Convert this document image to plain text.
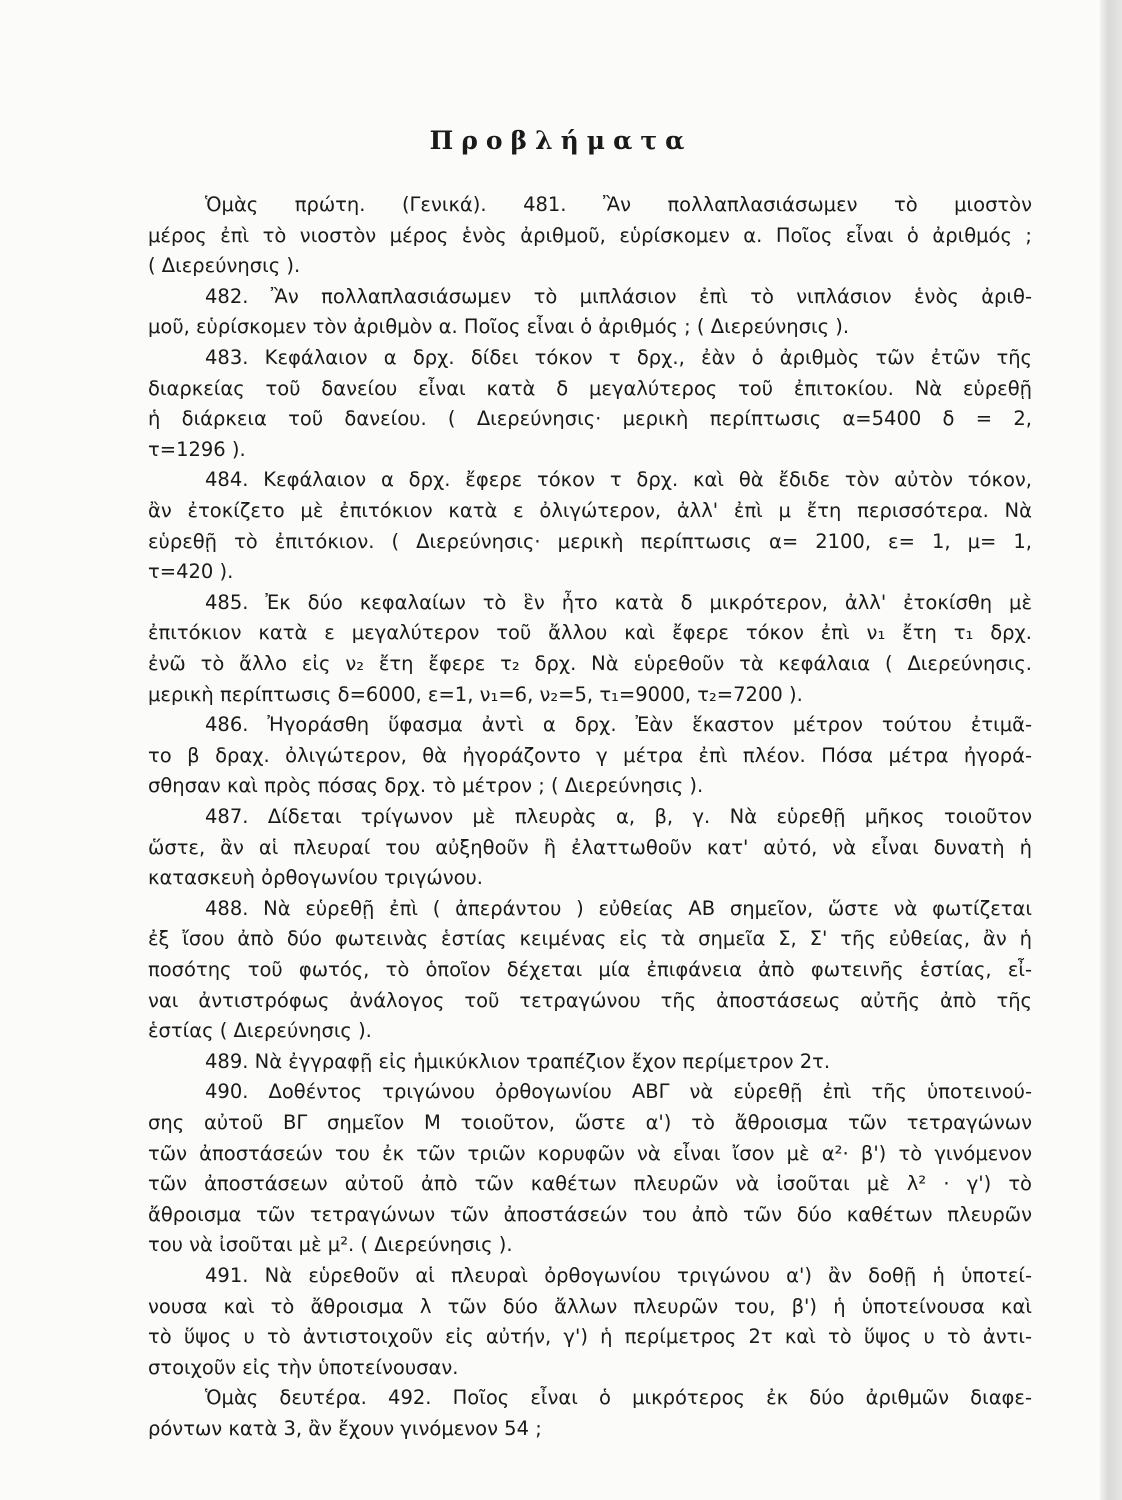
Προβλήματα
Ὁμὰς πρώτη. (Γενικά). 481. Ἂν πολλαπλασιάσωμεν τὸ μιοστὸν
μέρος ἐπὶ τὸ νιοστὸν μέρος ἑνὸς ἀριθμοῦ, εὑρίσκομεν α. Ποῖος εἶναι ὁ ἀριθμός ;
( Διερεύνησις ).
482. Ἂν πολλαπλασιάσωμεν τὸ μιπλάσιον ἐπὶ τὸ νιπλάσιον ἑνὸς ἀριθ-
μοῦ, εὑρίσκομεν τὸν ἀριθμὸν α. Ποῖος εἶναι ὁ ἀριθμός ; ( Διερεύνησις ).
483. Κεφάλαιον α δρχ. δίδει τόκον τ δρχ., ἐὰν ὁ ἀριθμὸς τῶν ἐτῶν τῆς
διαρκείας τοῦ δανείου εἶναι κατὰ δ μεγαλύτερος τοῦ ἐπιτοκίου. Νὰ εὑρεθῇ
ἡ διάρκεια τοῦ δανείου. ( Διερεύνησις· μερικὴ περίπτωσις α=5400 δ = 2,
τ=1296 ).
484. Κεφάλαιον α δρχ. ἔφερε τόκον τ δρχ. καὶ θὰ ἔδιδε τὸν αὐτὸν τόκον,
ἂν ἐτοκίζετο μὲ ἐπιτόκιον κατὰ ε ὀλιγώτερον, ἀλλ' ἐπὶ μ ἔτη περισσότερα. Νὰ
εὑρεθῇ τὸ ἐπιτόκιον. ( Διερεύνησις· μερικὴ περίπτωσις α= 2100, ε= 1, μ= 1,
τ=420 ).
485. Ἐκ δύο κεφαλαίων τὸ ἓν ἦτο κατὰ δ μικρότερον, ἀλλ' ἐτοκίσθη μὲ
ἐπιτόκιον κατὰ ε μεγαλύτερον τοῦ ἄλλου καὶ ἔφερε τόκον ἐπὶ ν₁ ἔτη τ₁ δρχ.
ἐνῶ τὸ ἄλλο εἰς ν₂ ἔτη ἔφερε τ₂ δρχ. Νὰ εὑρεθοῦν τὰ κεφάλαια ( Διερεύνησις.
μερικὴ περίπτωσις δ=6000, ε=1, ν₁=6, ν₂=5, τ₁=9000, τ₂=7200 ).
486. Ἠγοράσθη ὕφασμα ἀντὶ α δρχ. Ἐὰν ἕκαστον μέτρον τούτου ἐτιμᾶ-
το β δραχ. ὀλιγώτερον, θὰ ἠγοράζοντο γ μέτρα ἐπὶ πλέον. Πόσα μέτρα ἠγορά-
σθησαν καὶ πρὸς πόσας δρχ. τὸ μέτρον ; ( Διερεύνησις ).
487. Δίδεται τρίγωνον μὲ πλευρὰς α, β, γ. Νὰ εὑρεθῇ μῆκος τοιοῦτον
ὥστε, ἂν αἱ πλευραί του αὐξηθοῦν ἢ ἐλαττωθοῦν κατ' αὐτό, νὰ εἶναι δυνατὴ ἡ
κατασκευὴ ὀρθογωνίου τριγώνου.
488. Νὰ εὑρεθῇ ἐπὶ ( ἀπεράντου ) εὐθείας ΑΒ σημεῖον, ὥστε νὰ φωτίζεται
ἐξ ἴσου ἀπὸ δύο φωτεινὰς ἑστίας κειμένας εἰς τὰ σημεῖα Σ, Σ' τῆς εὐθείας, ἂν ἡ
ποσότης τοῦ φωτός, τὸ ὁποῖον δέχεται μία ἐπιφάνεια ἀπὸ φωτεινῆς ἑστίας, εἶ-
ναι ἀντιστρόφως ἀνάλογος τοῦ τετραγώνου τῆς ἀποστάσεως αὐτῆς ἀπὸ τῆς
ἑστίας ( Διερεύνησις ).
489. Νὰ ἐγγραφῇ εἰς ἡμικύκλιον τραπέζιον ἔχον περίμετρον 2τ.
490. Δοθέντος τριγώνου ὀρθογωνίου ΑΒΓ νὰ εὑρεθῇ ἐπὶ τῆς ὑποτεινού-
σης αὐτοῦ ΒΓ σημεῖον Μ τοιοῦτον, ὥστε α') τὸ ἄθροισμα τῶν τετραγώνων
τῶν ἀποστάσεών του ἐκ τῶν τριῶν κορυφῶν νὰ εἶναι ἴσον μὲ α²· β') τὸ γινόμενον
τῶν ἀποστάσεων αὐτοῦ ἀπὸ τῶν καθέτων πλευρῶν νὰ ἰσοῦται μὲ λ² · γ') τὸ
ἄθροισμα τῶν τετραγώνων τῶν ἀποστάσεών του ἀπὸ τῶν δύο καθέτων πλευρῶν
του νὰ ἰσοῦται μὲ μ². ( Διερεύνησις ).
491. Νὰ εὑρεθοῦν αἱ πλευραὶ ὀρθογωνίου τριγώνου α') ἂν δοθῇ ἡ ὑποτεί-
νουσα καὶ τὸ ἄθροισμα λ τῶν δύο ἄλλων πλευρῶν του, β') ἡ ὑποτείνουσα καὶ
τὸ ὕψος υ τὸ ἀντιστοιχοῦν εἰς αὐτήν, γ') ἡ περίμετρος 2τ καὶ τὸ ὕψος υ τὸ ἀντι-
στοιχοῦν εἰς τὴν ὑποτείνουσαν.
Ὁμὰς δευτέρα. 492. Ποῖος εἶναι ὁ μικρότερος ἐκ δύο ἀριθμῶν διαφε-
ρόντων κατὰ 3, ἂν ἔχουν γινόμενον 54 ;
